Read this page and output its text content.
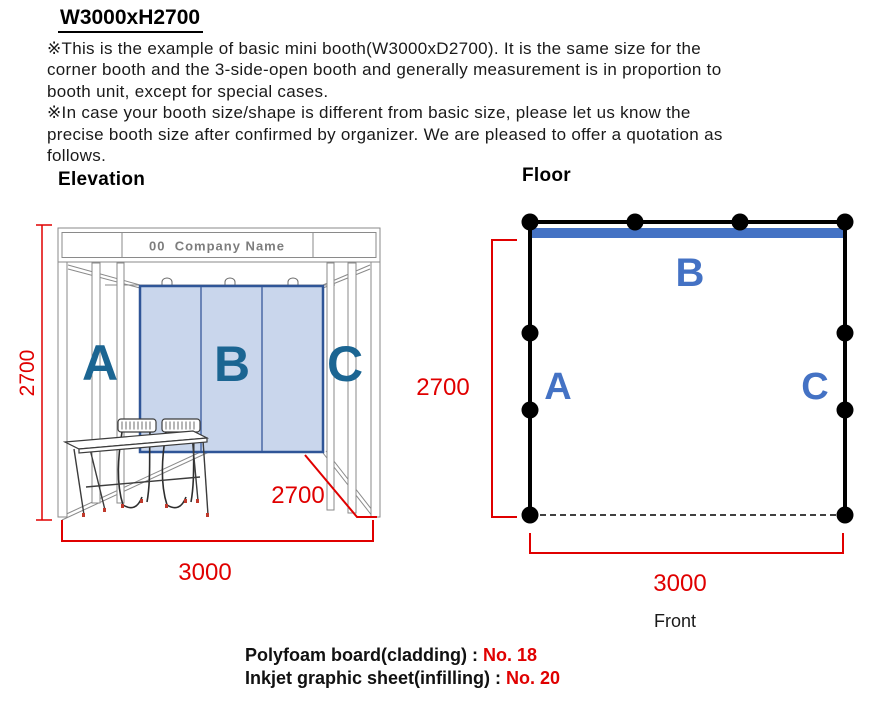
W3000xH2700
※This is the example of basic mini booth(W3000xD2700). It is the same size for the
corner booth and the 3-side-open booth and generally measurement is in proportion to
booth unit, except for special cases.
※In case your booth size/shape is different from basic size, please let us know the
precise booth size after confirmed by organizer. We are pleased to offer a quotation as
follows.
Elevation	Floor
2700
00  Company Name
A B C
2700
3000
B
A	C
2700
3000
Front
Polyfoam board(cladding) : No. 18
Inkjet graphic sheet(infilling) : No. 20
